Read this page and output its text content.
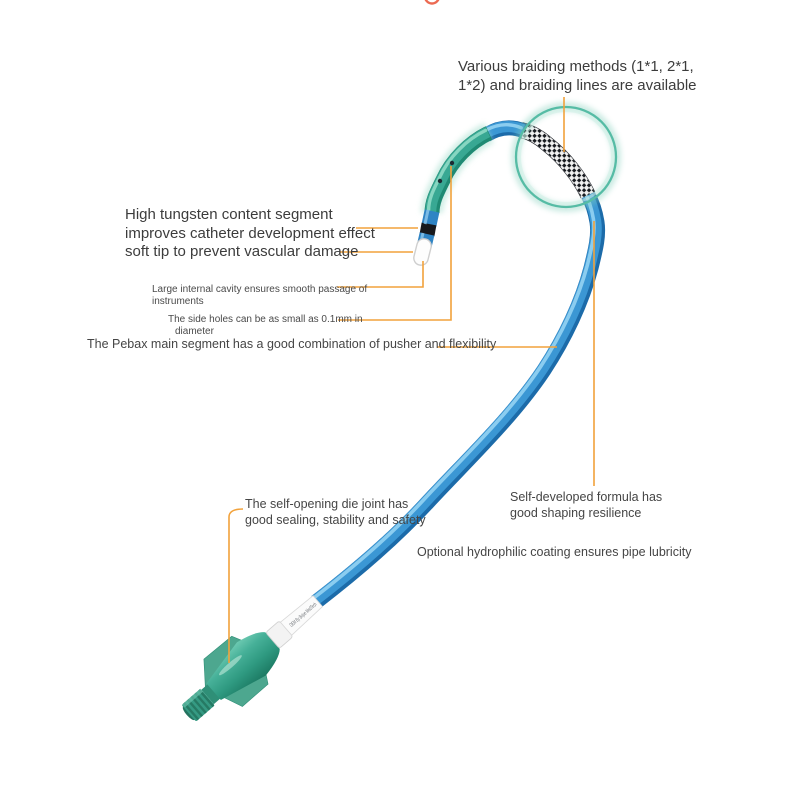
OEM By Bojue MedTech
Various braiding methods (1*1, 2*1,
1*2) and braiding lines are available
High tungsten content segment
improves catheter development effect
soft tip to prevent vascular damage
Large internal cavity ensures smooth passage of
instruments
The side holes can be as small as 0.1mm in
diameter
The Pebax main segment has a good combination of pusher and flexibility
The self-opening die joint has
good sealing, stability and safety
Self-developed formula has
good shaping resilience
Optional hydrophilic coating ensures pipe lubricity
